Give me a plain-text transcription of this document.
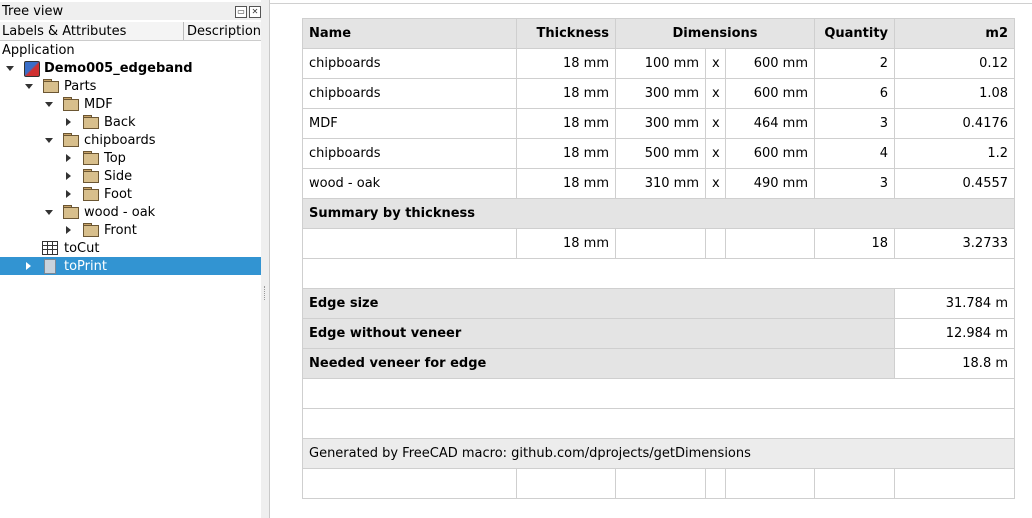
Tree view	▭ ✕
Labels & Attributes	Description
Application
Demo005_edgeband
Parts
MDF
Back
chipboards
Top
Side
Foot
wood - oak
Front
toCut
toPrint
Name	Thickness	Dimensions			Quantity	m2
chipboards	18 mm	100 mm	x	600 mm	2	0.12
chipboards	18 mm	300 mm	x	600 mm	6	1.08
MDF	18 mm	300 mm	x	464 mm	3	0.4176
chipboards	18 mm	500 mm	x	600 mm	4	1.2
wood - oak	18 mm	310 mm	x	490 mm	3	0.4557
Summary by thickness						
	18 mm				18	3.2733

Edge size						31.784 m
Edge without veneer						12.984 m
Needed veneer for edge						18.8 m

Generated by FreeCAD macro: github.com/dprojects/getDimensions						
